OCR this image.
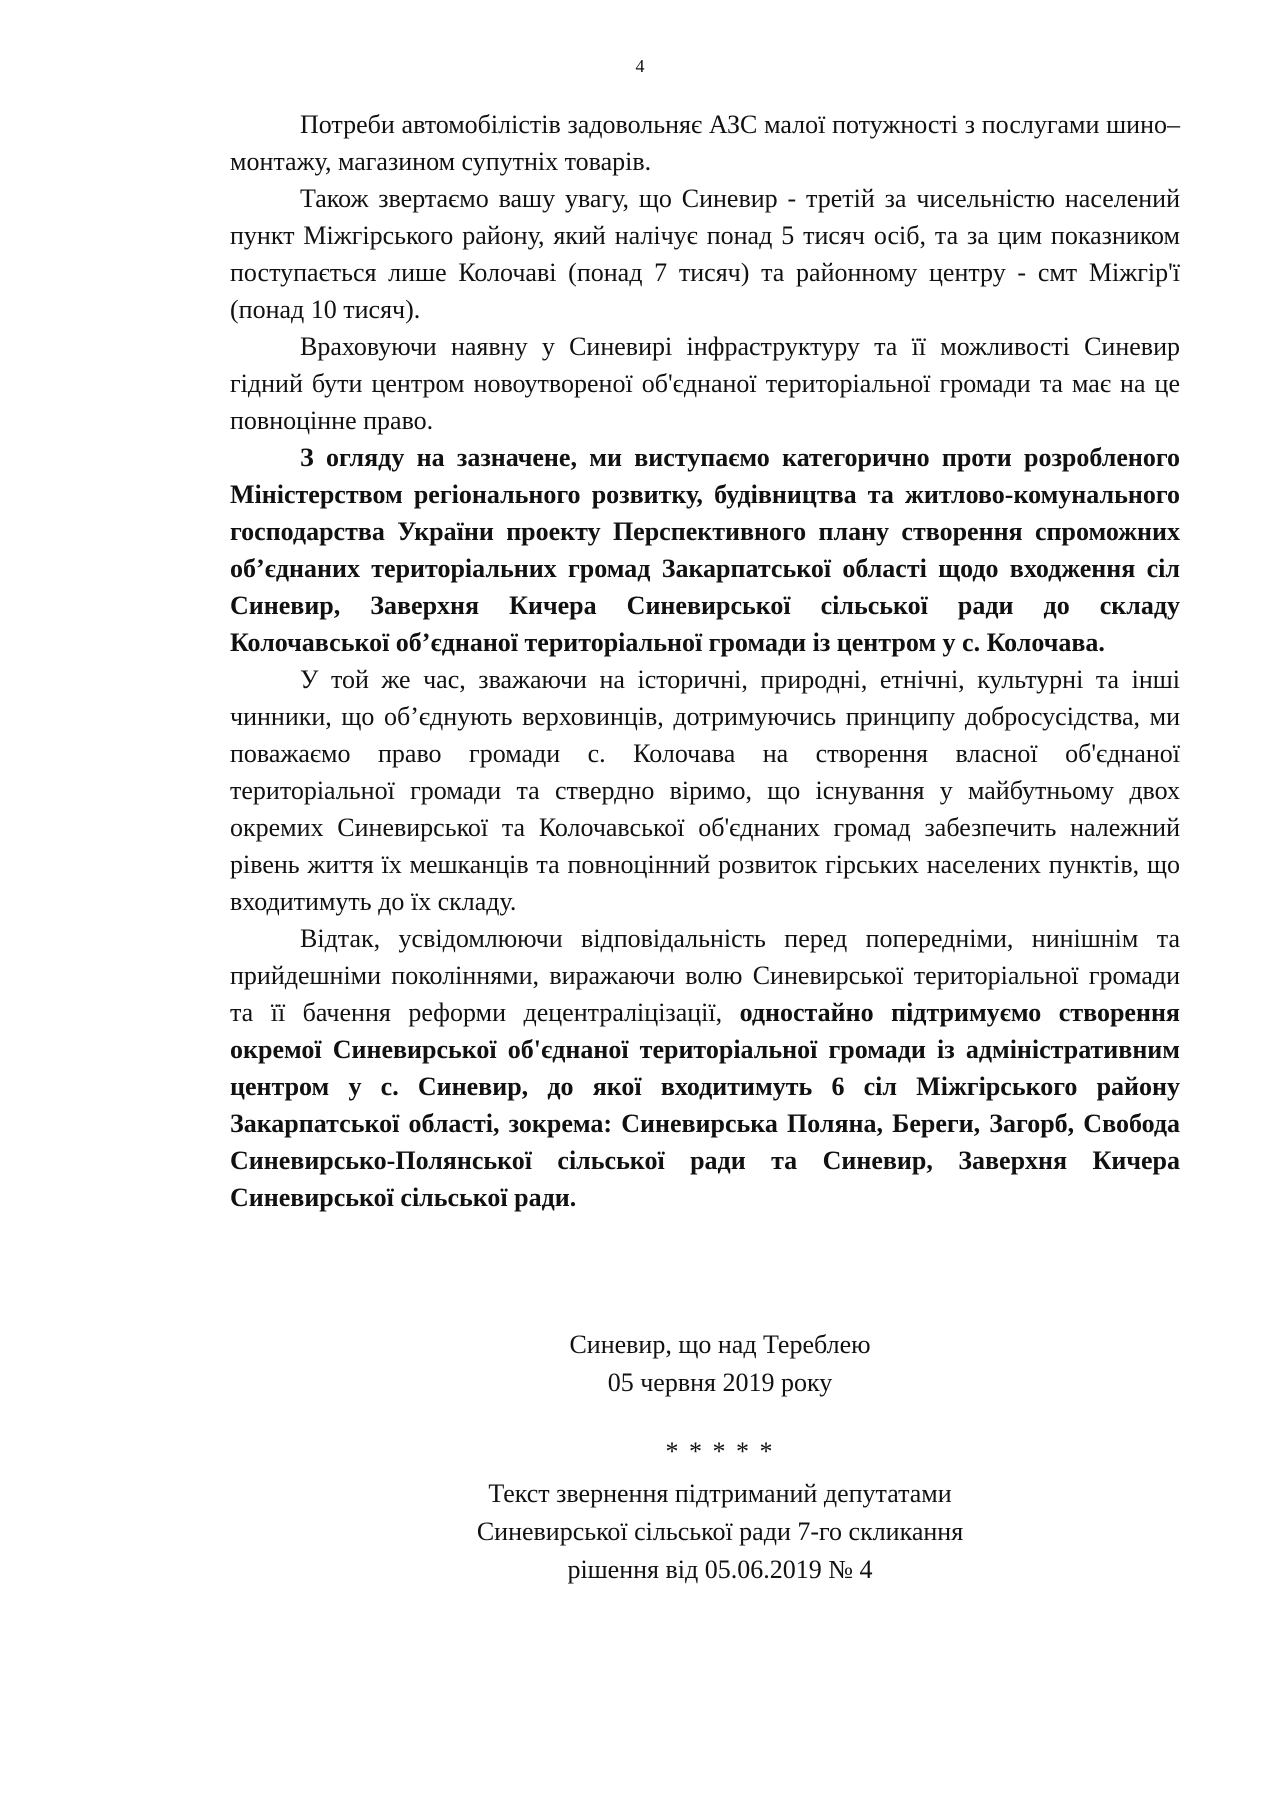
4

Потреби автомобілістів задовольняє АЗС малої потужності з послугами шино–монтажу, магазином супутніх товарів.

Також звертаємо вашу увагу, що Синевир - третій за чисельністю населений пункт Міжгірського району, який налічує понад 5 тисяч осіб, та за цим показником поступається лише Колочаві (понад 7 тисяч) та районному центру - смт Міжгір'ї (понад 10 тисяч).

Враховуючи наявну у Синевирі інфраструктуру та її можливості Синевир гідний бути центром новоутвореної об'єднаної територіальної громади та має на це повноцінне право.

З огляду на зазначене, ми виступаємо категорично проти розробленого Міністерством регіонального розвитку, будівництва та житлово-комунального господарства України проекту Перспективного плану створення спроможних об’єднаних територіальних громад Закарпатської області щодо входження сіл Синевир, Заверхня Кичера Синевирської сільської ради до складу Колочавської об’єднаної територіальної громади із центром у с. Колочава.

У той же час, зважаючи на історичні, природні, етнічні, культурні та інші чинники, що об’єднують верховинців, дотримуючись принципу добросусідства, ми поважаємо право громади с. Колочава на створення власної об'єднаної територіальної громади та ствердно віримо, що існування у майбутньому двох окремих Синевирської та Колочавської об'єднаних громад забезпечить належний рівень життя їх мешканців та повноцінний розвиток гірських населених пунктів, що входитимуть до їх складу.

Відтак, усвідомлюючи відповідальність перед попередніми, нинішнім та прийдешніми поколіннями, виражаючи волю Синевирської територіальної громади та її бачення реформи децентраліцізації, одностайно підтримуємо створення окремої Синевирської об'єднаної територіальної громади із адміністративним центром у с. Синевир, до якої входитимуть 6 сіл Міжгірського району Закарпатської області, зокрема: Синевирська Поляна, Береги, Загорб, Свобода Синевирсько-Полянської сільської ради та Синевир, Заверхня Кичера Синевирської сільської ради.

Синевир, що над Тереблею
05 червня 2019 року
* * * * *
Текст звернення підтриманий депутатами
Синевирської сільської ради 7-го скликання
рішення від 05.06.2019 № 4
